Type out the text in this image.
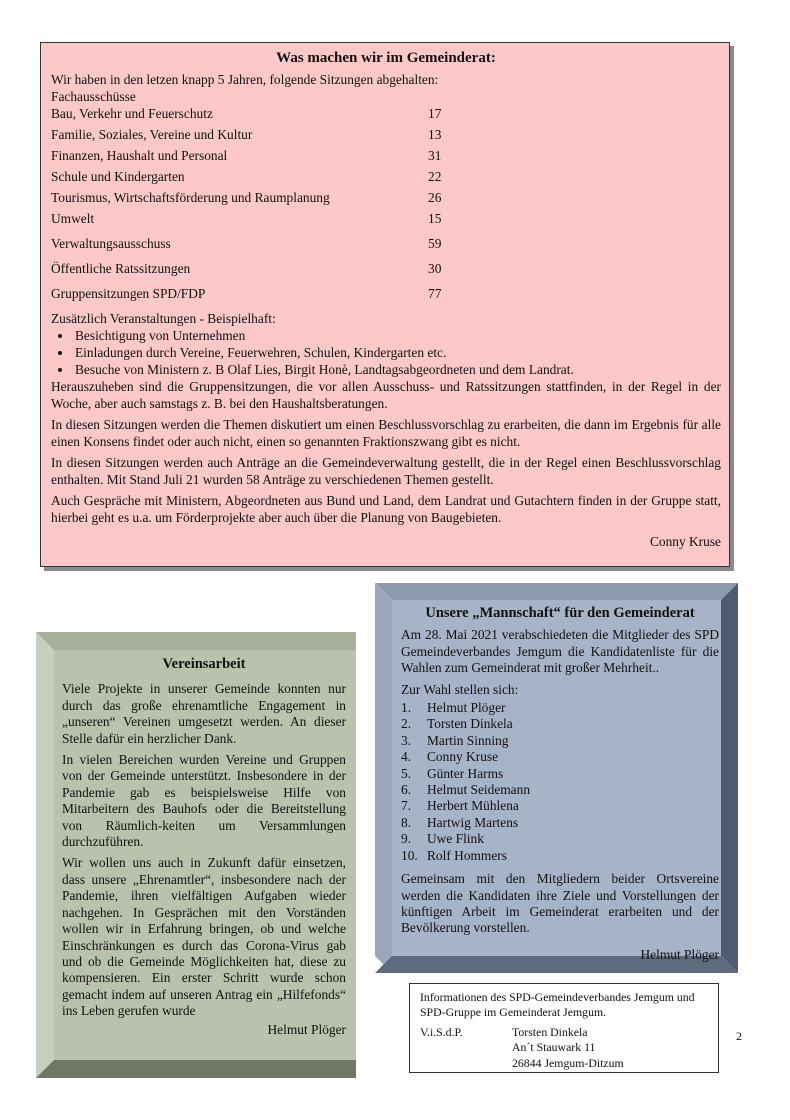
Was machen wir im Gemeinderat:

Wir haben in den letzen knapp 5 Jahren, folgende Sitzungen abgehalten:

Fachausschüsse

Bau, Verkehr und Feuerschutz	17
Familie, Soziales, Vereine und Kultur	13
Finanzen, Haushalt und Personal	31
Schule und Kindergarten	22
Tourismus, Wirtschaftsförderung und Raumplanung	26
Umwelt	15
Verwaltungsausschuss	59
Öffentliche Ratssitzungen	30
Gruppensitzungen SPD/FDP	77

Zusätzlich Veranstaltungen - Beispielhaft:

• Besichtigung von Unternehmen
• Einladungen durch Vereine, Feuerwehren, Schulen, Kindergarten etc.
• Besuche von Ministern z. B Olaf Lies, Birgit Honè, Landtagsabgeordneten und dem Landrat.

Herauszuheben sind die Gruppensitzungen, die vor allen Ausschuss- und Ratssitzungen stattfinden, in der Regel in der Woche, aber auch samstags z. B. bei den Haushaltsberatungen.

In diesen Sitzungen werden die Themen diskutiert um einen Beschlussvorschlag zu erarbeiten, die dann im Ergebnis für alle einen Konsens findet oder auch nicht, einen so genannten Fraktionszwang gibt es nicht.

In diesen Sitzungen werden auch Anträge an die Gemeindeverwaltung gestellt, die in der Regel einen Beschlussvorschlag enthalten. Mit Stand Juli 21 wurden 58 Anträge zu verschiedenen Themen gestellt.

Auch Gespräche mit Ministern, Abgeordneten aus Bund und Land, dem Landrat und Gutachtern finden in der Gruppe statt, hierbei geht es u.a. um Förderprojekte aber auch über die Planung von Baugebieten.

Conny Kruse

Vereinsarbeit

Viele Projekte in unserer Gemeinde konnten nur durch das große ehrenamtliche Engagement in „unseren“ Vereinen umgesetzt werden. An dieser Stelle dafür ein herzlicher Dank.

In vielen Bereichen wurden Vereine und Gruppen von der Gemeinde unterstützt. Insbesondere in der Pandemie gab es beispielsweise Hilfe von Mitarbeitern des Bauhofs oder die Bereitstellung von Räumlich-keiten um Versammlungen durchzuführen.

Wir wollen uns auch in Zukunft dafür einsetzen, dass unsere „Ehrenamtler“, insbesondere nach der Pandemie, ihren vielfältigen Aufgaben wieder nachgehen. In Gesprächen mit den Vorständen wollen wir in Erfahrung bringen, ob und welche Einschränkungen es durch das Corona-Virus gab und ob die Gemeinde Möglichkeiten hat, diese zu kompensieren. Ein erster Schritt wurde schon gemacht indem auf unseren Antrag ein „Hilfefonds“ ins Leben gerufen wurde

Helmut Plöger

Unsere „Mannschaft“ für den Gemeinderat

Am 28. Mai 2021 verabschiedeten die Mitglieder des SPD Gemeindeverbandes Jemgum die Kandidatenliste für die Wahlen zum Gemeinderat mit großer Mehrheit..

Zur Wahl stellen sich:

1.	Helmut Plöger
2.	Torsten Dinkela
3.	Martin Sinning
4.	Conny Kruse
5.	Günter Harms
6.	Helmut Seidemann
7.	Herbert Mühlena
8.	Hartwig Martens
9.	Uwe Flink
10. Rolf Hommers

Gemeinsam mit den Mitgliedern beider Ortsvereine werden die Kandidaten ihre Ziele und Vorstellungen der künftigen Arbeit im Gemeinderat erarbeiten und der Bevölkerung vorstellen.

Helmut Plöger

Informationen des SPD-Gemeindeverbandes Jemgum und SPD-Gruppe im Gemeinderat Jemgum.
V.i.S.d.P.	Torsten Dinkela
An´t Stauwark 11
26844 Jemgum-Ditzum
2
